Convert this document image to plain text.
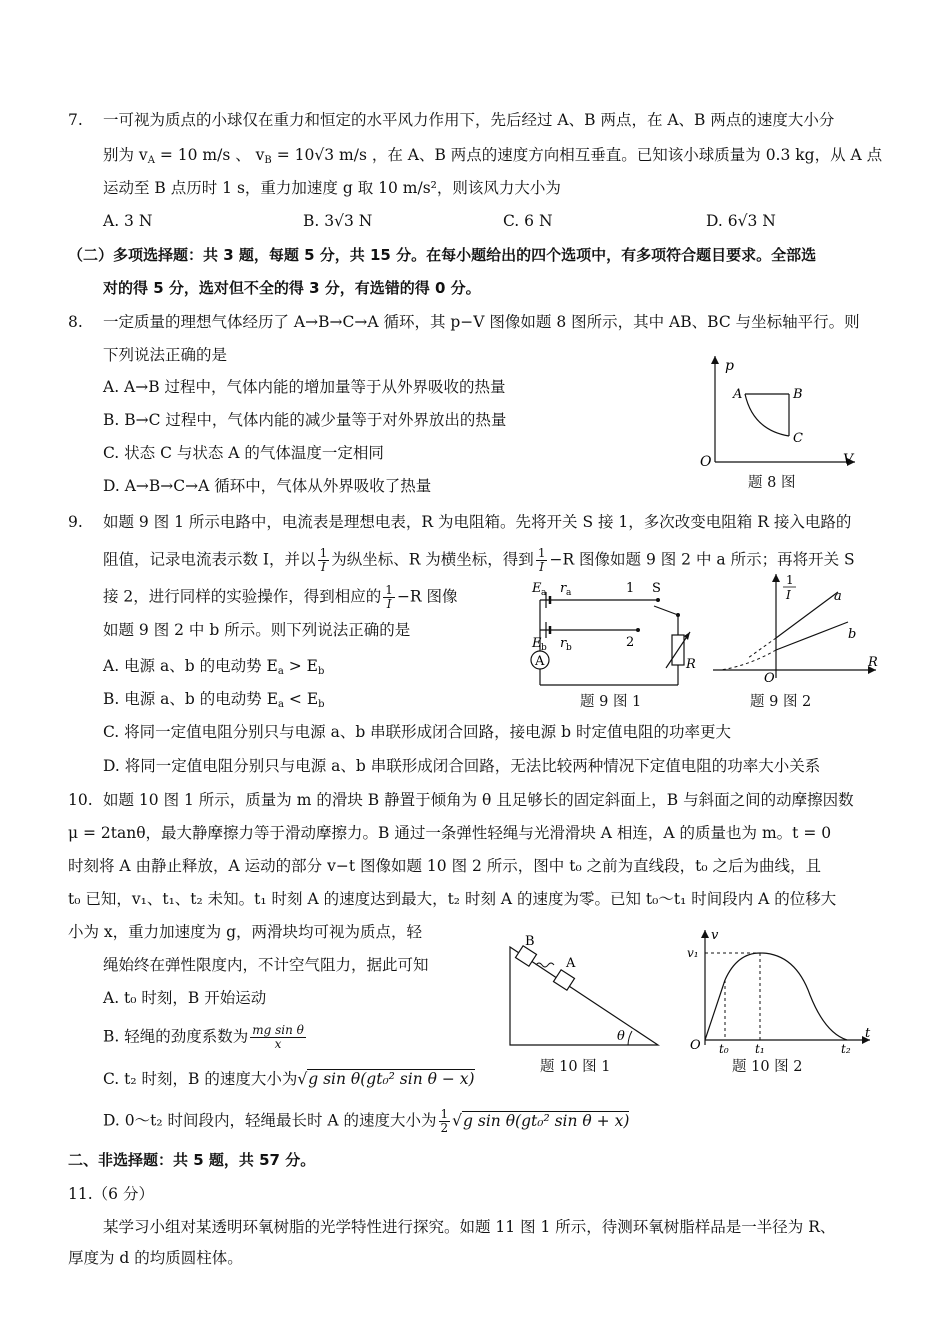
7. 一可视为质点的小球仅在重力和恒定的水平风力作用下，先后经过 A、B 两点，在 A、B 两点的速度大小分
别为 $v_A = 10$ m/s 、 $v_B = 10√3$ m/s ，在 A、B 两点的速度方向相互垂直。已知该小球质量为 0.3 kg，从 A 点
运动至 B 点历时 1 s，重力加速度 g 取 10 m/s²，则该风力大小为
A. 3 N	B. 3√3 N	C. 6 N	D. 6√3 N
（二）多项选择题：共 3 题，每题 5 分，共 15 分。在每小题给出的四个选项中，有多项符合题目要求。全部选
对的得 5 分，选对但不全的得 3 分，有选错的得 0 分。
8. 一定质量的理想气体经历了 A→B→C→A 循环，其 p−V 图像如题 8 图所示，其中 AB、BC 与坐标轴平行。则
下列说法正确的是
A. A→B 过程中，气体内能的增加量等于从外界吸收的热量
B. B→C 过程中，气体内能的减少量等于对外界放出的热量
C. 状态 C 与状态 A 的气体温度一定相同
D. A→B→C→A 循环中，气体从外界吸收了热量
p
V
O
A	B
C
题 8 图
9. 如题 9 图 1 所示电路中，电流表是理想电表，R 为电阻箱。先将开关 S 接 1，多次改变电阻箱 R 接入电路的
阻值，记录电流表示数 I，并以 $\frac{1}{I}$ 为纵坐标、R 为横坐标，得到 $\frac{1}{I} -R$ 图像如题 9 图 2 中 a 所示；再将开关 S
接 2，进行同样的实验操作，得到相应的 $\frac{1}{I} -R$ 图像
如题 9 图 2 中 b 所示。则下列说法正确的是
A. 电源 a、b 的电动势 $E_a > E_b$
B. 电源 a、b 的电动势 $E_a < E_b$
C. 将同一定值电阻分别只与电源 a、b 串联形成闭合回路，接电源 b 时定值电阻的功率更大
D. 将同一定值电阻分别只与电源 a、b 串联形成闭合回路，无法比较两种情况下定值电阻的功率大小关系
A
E a r a
E b r b
1
2
S
R
题 9 图 1
1
I	a
b
O
R
题 9 图 2
10. 如题 10 图 1 所示，质量为 m 的滑块 B 静置于倾角为 θ 且足够长的固定斜面上，B 与斜面之间的动摩擦因数
μ = 2tanθ，最大静摩擦力等于滑动摩擦力。B 通过一条弹性轻绳与光滑滑块 A 相连，A 的质量也为 m。t = 0
时刻将 A 由静止释放，A 运动的部分 v−t 图像如题 10 图 2 所示，图中 t₀ 之前为直线段，t₀ 之后为曲线，且
t₀ 已知，v₁、t₁、t₂ 未知。t₁ 时刻 A 的速度达到最大，t₂ 时刻 A 的速度为零。已知 t₀～t₁ 时间段内 A 的位移大
小为 x，重力加速度为 g，两滑块均可视为质点，轻
绳始终在弹性限度内，不计空气阻力，据此可知
A. t₀ 时刻，B 开始运动
B. 轻绳的劲度系数为 $\frac{\text{mg sin θ}}{x}$
C. t₂ 时刻，B 的速度大小为√g sin θ(gt₀² sin θ − x)
D. 0～t₂ 时间段内，轻绳最长时 A 的速度大小为 $\frac{1}{2} √g$ sin θ(gt₀² sin θ + x)
B
A
θ
题 10 图 1
v
v₁
O t₀ t₁	t₂
t
题 10 图 2
二、非选择题：共 5 题，共 57 分。
11.（6 分）
某学习小组对某透明环氧树脂的光学特性进行探究。如题 11 图 1 所示，待测环氧树脂样品是一半径为 R、
厚度为 d 的均质圆柱体。
